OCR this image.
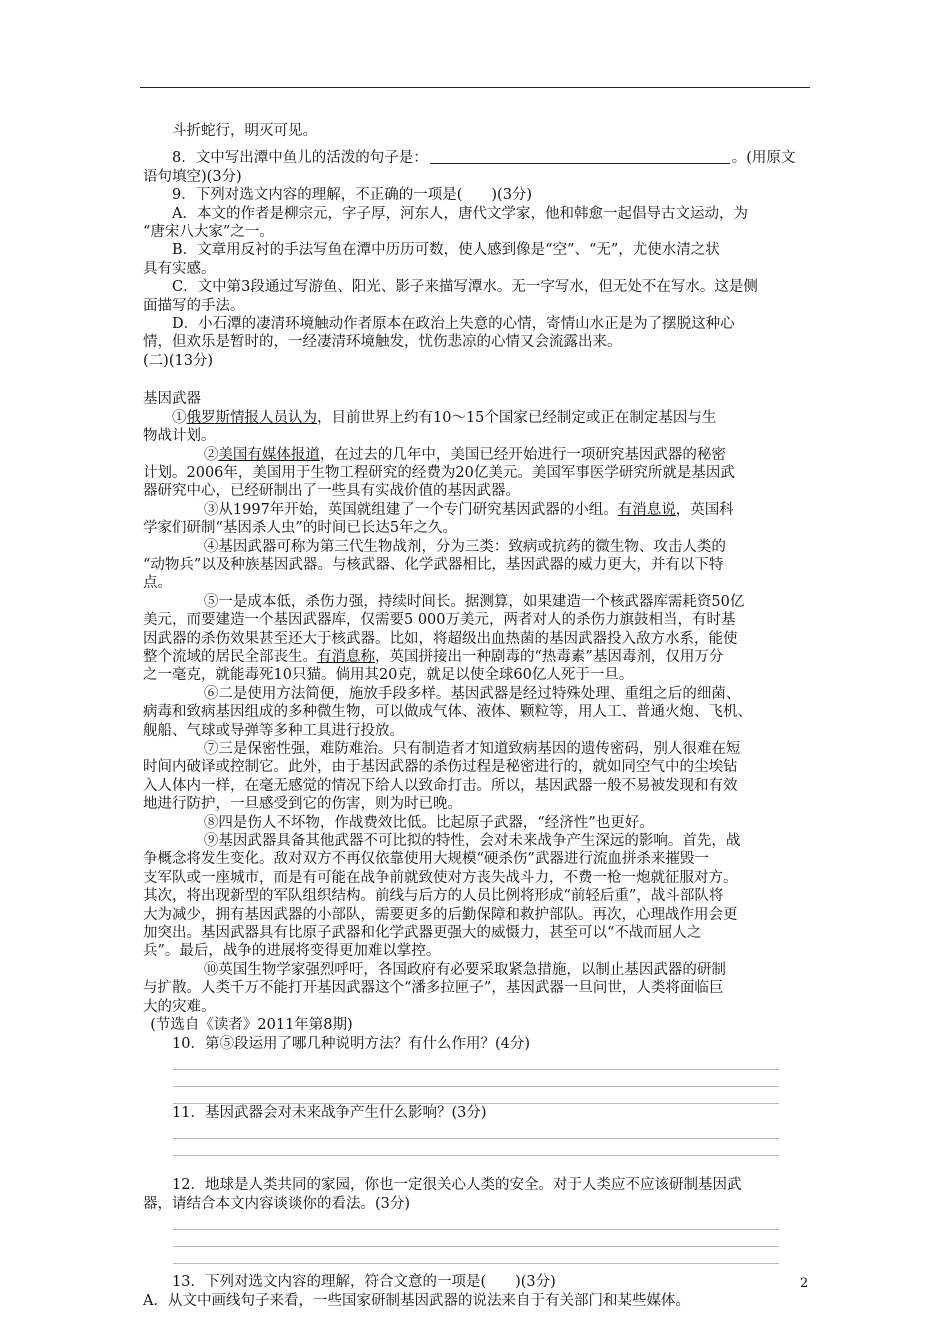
斗折蛇行，明灭可见。

8．文中写出潭中鱼儿的活泼的句子是：	。(用原文

语句填空)(3分)

9．下列对选文内容的理解，不正确的一项是(　　)(3分)

A．本文的作者是柳宗元，字子厚，河东人，唐代文学家，他和韩愈一起倡导古文运动，为

“唐宋八大家”之一。

B．文章用反衬的手法写鱼在潭中历历可数，使人感到像是“空”、“无”，尤使水清之状

具有实感。

C．文中第3段通过写游鱼、阳光、影子来描写潭水。无一字写水，但无处不在写水。这是侧

面描写的手法。

D．小石潭的凄清环境触动作者原本在政治上失意的心情，寄情山水正是为了摆脱这种心

情，但欢乐是暂时的，一经凄清环境触发，忧伤悲凉的心情又会流露出来。

(二)(13分)

基因武器

①俄罗斯情报人员认为，目前世界上约有10～15个国家已经制定或正在制定基因与生

物战计划。

②美国有媒体报道，在过去的几年中，美国已经开始进行一项研究基因武器的秘密

计划。2006年，美国用于生物工程研究的经费为20亿美元。美国军事医学研究所就是基因武

器研究中心，已经研制出了一些具有实战价值的基因武器。

③从1997年开始，英国就组建了一个专门研究基因武器的小组。有消息说，英国科

学家们研制“基因杀人虫”的时间已长达5年之久。

④基因武器可称为第三代生物战剂，分为三类：致病或抗药的微生物、攻击人类的

“动物兵”以及种族基因武器。与核武器、化学武器相比，基因武器的威力更大，并有以下特

点。

⑤一是成本低，杀伤力强，持续时间长。据测算，如果建造一个核武器库需耗资50亿

美元，而要建造一个基因武器库，仅需要5 000万美元，两者对人的杀伤力旗鼓相当，有时基

因武器的杀伤效果甚至还大于核武器。比如，将超级出血热菌的基因武器投入敌方水系，能使

整个流域的居民全部丧生。有消息称，英国拼接出一种剧毒的“热毒素”基因毒剂，仅用万分

之一毫克，就能毒死10只猫。倘用其20克，就足以使全球60亿人死于一旦。

⑥二是使用方法简便，施放手段多样。基因武器是经过特殊处理、重组之后的细菌、

病毒和致病基因组成的多种微生物，可以做成气体、液体、颗粒等，用人工、普通火炮、飞机、

舰船、气球或导弹等多种工具进行投放。

⑦三是保密性强，难防难治。只有制造者才知道致病基因的遗传密码，别人很难在短

时间内破译或控制它。此外，由于基因武器的杀伤过程是秘密进行的，就如同空气中的尘埃钻

入人体内一样，在毫无感觉的情况下给人以致命打击。所以，基因武器一般不易被发现和有效

地进行防护，一旦感受到它的伤害，则为时已晚。

⑧四是伤人不坏物，作战费效比低。比起原子武器，“经济性”也更好。

⑨基因武器具备其他武器不可比拟的特性，会对未来战争产生深远的影响。首先，战

争概念将发生变化。敌对双方不再仅依靠使用大规模“硬杀伤”武器进行流血拼杀来摧毁一

支军队或一座城市，而是有可能在战争前就致使对方丧失战斗力，不费一枪一炮就征服对方。

其次，将出现新型的军队组织结构。前线与后方的人员比例将形成“前轻后重”，战斗部队将

大为减少，拥有基因武器的小部队，需要更多的后勤保障和救护部队。再次，心理战作用会更

加突出。基因武器具有比原子武器和化学武器更强大的威慑力，甚至可以“不战而屈人之

兵”。最后，战争的进展将变得更加难以掌控。

⑩英国生物学家强烈呼吁，各国政府有必要采取紧急措施，以制止基因武器的研制

与扩散。人类千万不能打开基因武器这个“潘多拉匣子”，基因武器一旦问世，人类将面临巨

大的灾难。

(节选自《读者》2011年第8期)

10．第⑤段运用了哪几种说明方法？有什么作用？(4分)

11．基因武器会对未来战争产生什么影响？(3分)

12．地球是人类共同的家园，你也一定很关心人类的安全。对于人类应不应该研制基因武

器，请结合本文内容谈谈你的看法。(3分)

13．下列对选文内容的理解，符合文意的一项是(　　)(3分)

A．从文中画线句子来看，一些国家研制基因武器的说法来自于有关部门和某些媒体。

2
